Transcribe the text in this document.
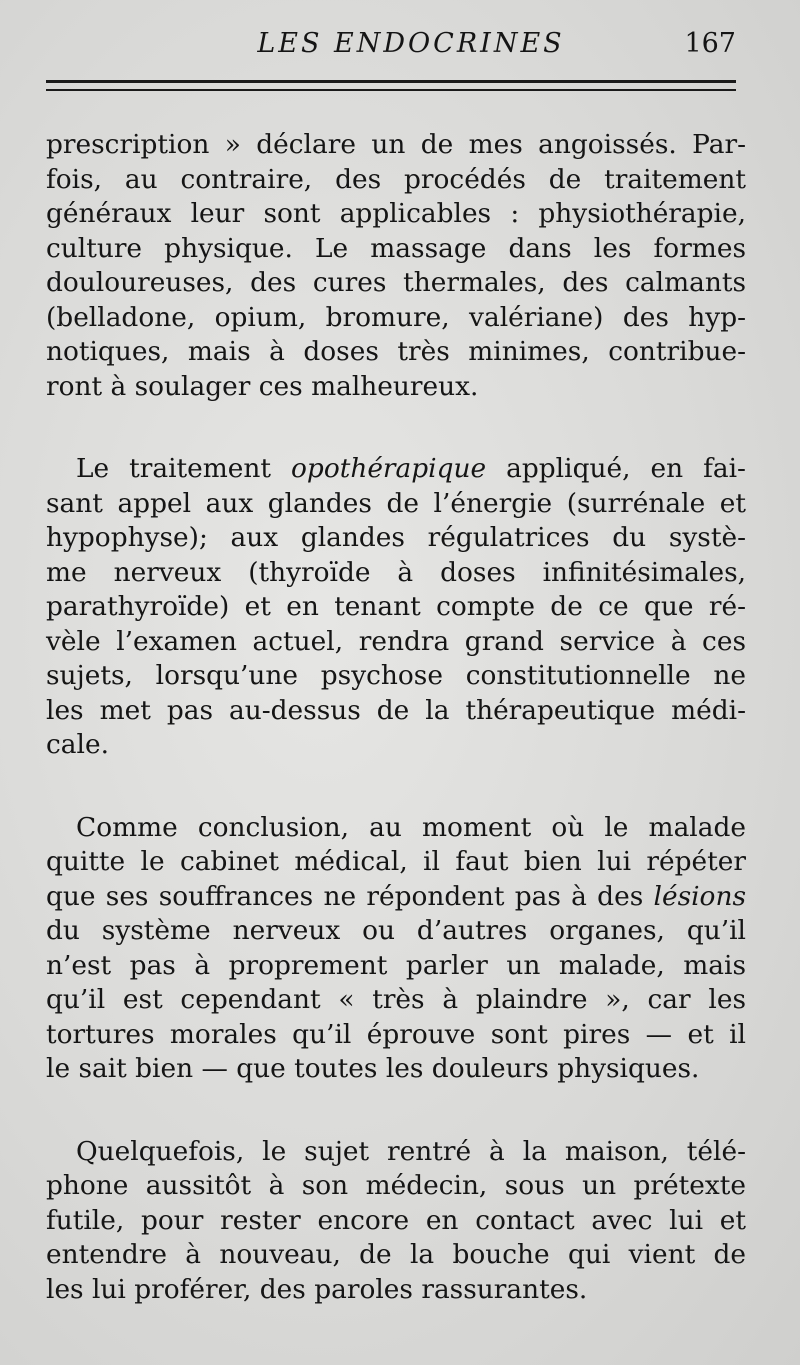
LES ENDOCRINES	167

prescription » déclare un de mes angoissés. Par-
fois, au contraire, des procédés de traitement
généraux leur sont applicables : physiothérapie,
culture physique. Le massage dans les formes
douloureuses, des cures thermales, des calmants
(belladone, opium, bromure, valériane) des hyp-
notiques, mais à doses très minimes, contribue-
ront à soulager ces malheureux.

Le traitement opothérapique appliqué, en fai-
sant appel aux glandes de l’énergie (surrénale et
hypophyse); aux glandes régulatrices du systè-
me nerveux (thyroïde à doses infinitésimales,
parathyroïde) et en tenant compte de ce que ré-
vèle l’examen actuel, rendra grand service à ces
sujets, lorsqu’une psychose constitutionnelle ne
les met pas au-dessus de la thérapeutique médi-
cale.

Comme conclusion, au moment où le malade
quitte le cabinet médical, il faut bien lui répéter
que ses souffrances ne répondent pas à des lésions
du système nerveux ou d’autres organes, qu’il
n’est pas à proprement parler un malade, mais
qu’il est cependant « très à plaindre », car les
tortures morales qu’il éprouve sont pires — et il
le sait bien — que toutes les douleurs physiques.

Quelquefois, le sujet rentré à la maison, télé-
phone aussitôt à son médecin, sous un prétexte
futile, pour rester encore en contact avec lui et
entendre à nouveau, de la bouche qui vient de
les lui proférer, des paroles rassurantes.
